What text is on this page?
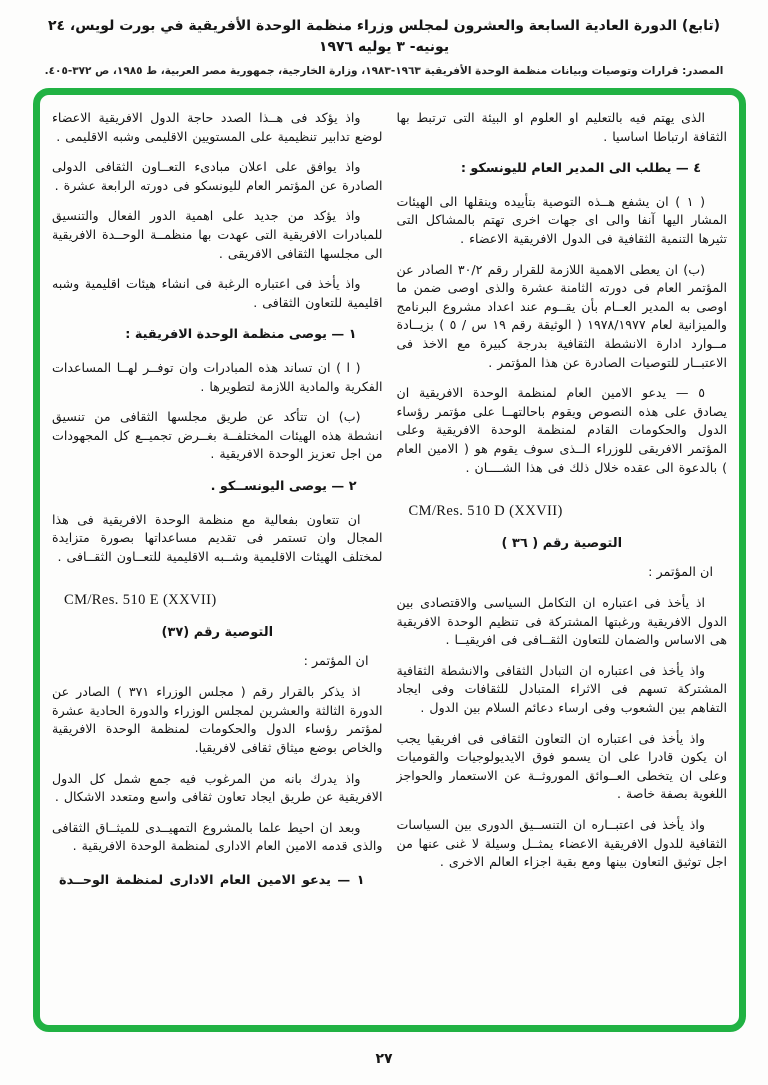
(تابع) الدورة العادية السابعة والعشرون لمجلس وزراء منظمة الوحدة الأفريقية في بورت لويس، ٢٤ يونيه- ٣ يوليه ١٩٧٦
المصدر: قرارات وتوصيات وبيانات منظمة الوحدة الأفريقية ١٩٦٣-١٩٨٣، وزارة الخارجية، جمهورية مصر العربية، ط ١٩٨٥، ص ٣٧٢-٤٠٥.

الذى يهتم فيه بالتعليم او العلوم او البيئة التى ترتبط بها الثقافة ارتباطا اساسيا .

٤ — يطلب الى المدير العام لليونسكو :

( ١ ) ان يشفع هــذه التوصية بتأييده وينقلها الى الهيئات المشار اليها آنفا والى اى جهات اخرى تهتم بالمشاكل التى تثيرها التنمية الثقافية فى الدول الافريقية الاعضاء .

(ب) ان يعطى الاهمية اللازمة للقرار رقم ٣٠/٢ الصادر عن المؤتمر العام فى دورته الثامنة عشرة والذى اوصى ضمن ما اوصى به المدير العــام بأن يقــوم عند اعداد مشروع البرنامج والميزانية لعام ١٩٧٨/١٩٧٧ ( الوثيقة رقم ١٩ س / ٥ ) بزيــادة مــوارد ادارة الانشطة الثقافية بدرجة كبيرة مع الاخذ فى الاعتبــار للتوصيات الصادرة عن هذا المؤتمر .

٥ — يدعو الامين العام لمنظمة الوحدة الافريقية ان يصادق على هذه النصوص ويقوم باحالتهــا على مؤتمر رؤساء الدول والحكومات القادم لمنظمة الوحدة الافريقية وعلى المؤتمر الافريقى للوزراء الــذى سوف يقوم هو ( الامين العام ) بالدعوة الى عقده خلال ذلك فى هذا الشــــان .

CM/Res. 510 D (XXVII)

التوصية رقم ( ٣٦ )

ان المؤتمر :

اذ يأخذ فى اعتباره ان التكامل السياسى والاقتصادى بين الدول الافريقية ورغبتها المشتركة فى تنظيم الوحدة الافريقية هى الاساس والضمان للتعاون الثقــافى فى افريقيــا .

واذ يأخذ فى اعتباره ان التبادل الثقافى والانشطة الثقافية المشتركة تسهم فى الاثراء المتبادل للثقافات وفى ايجاد التفاهم بين الشعوب وفى ارساء دعائم السلام بين الدول .

واذ يأخذ فى اعتباره ان التعاون الثقافى فى افريقيا يجب ان يكون قادرا على ان يسمو فوق الايديولوجيات والقوميات وعلى ان يتخطى العــوائق الموروثــة عن الاستعمار والحواجز اللغوية بصفة خاصة .

واذ يأخذ فى اعتبــاره ان التنســيق الدورى بين السياسات الثقافية للدول الافريقية الاعضاء يمثــل وسيلة لا غنى عنها من اجل توثيق التعاون بينها ومع بقية اجزاء العالم الاخرى .

واذ يؤكد فى هــذا الصدد حاجة الدول الافريقية الاعضاء لوضع تدابير تنظيمية على المستويين الاقليمى وشبه الاقليمى .

واذ يوافق على اعلان مبادىء التعــاون الثقافى الدولى الصادرة عن المؤتمر العام لليونسكو فى دورته الرابعة عشرة .

واذ يؤكد من جديد على اهمية الدور الفعال والتنسيق للمبادرات الافريقية التى عهدت بها منظمــة الوحــدة الافريقية الى مجلسها الثقافى الافريقى .

واذ يأخذ فى اعتباره الرغبة فى انشاء هيئات اقليمية وشبه اقليمية للتعاون الثقافى .

١ — يوصى منظمة الوحدة الافريقية :

( ا ) ان تساند هذه المبادرات وان توفــر لهــا المساعدات الفكرية والمادية اللازمة لتطويرها .

(ب) ان تتأكد عن طريق مجلسها الثقافى من تنسيق انشطة هذه الهيئات المختلفــة بغــرض تجميــع كل المجهودات من اجل تعزيز الوحدة الافريقية .

٢ — يوصى اليونســكو .

ان تتعاون بفعالية مع منظمة الوحدة الافريقية فى هذا المجال وان تستمر فى تقديم مساعداتها بصورة متزايدة لمختلف الهيئات الاقليمية وشــبه الاقليمية للتعــاون الثقــافى .

CM/Res. 510 E (XXVII)

التوصية رقم (٣٧)

ان المؤتمر :

اذ يذكر بالقرار رقم ( مجلس الوزراء ٣٧١ ) الصادر عن الدورة الثالثة والعشرين لمجلس الوزراء والدورة الحادية عشرة لمؤتمر رؤساء الدول والحكومات لمنظمة الوحدة الافريقية والخاص بوضع ميثاق ثقافى لافريقيا.

واذ يدرك بانه من المرغوب فيه جمع شمل كل الدول الافريقية عن طريق ايجاد تعاون ثقافى واسع ومتعدد الاشكال .

وبعد ان احيط علما بالمشروع التمهيــدى للميثــاق الثقافى والذى قدمه الامين العام الادارى لمنظمة الوحدة الافريقية .

١ — يدعو الامين العام الادارى لمنظمة الوحــدة

٢٧
